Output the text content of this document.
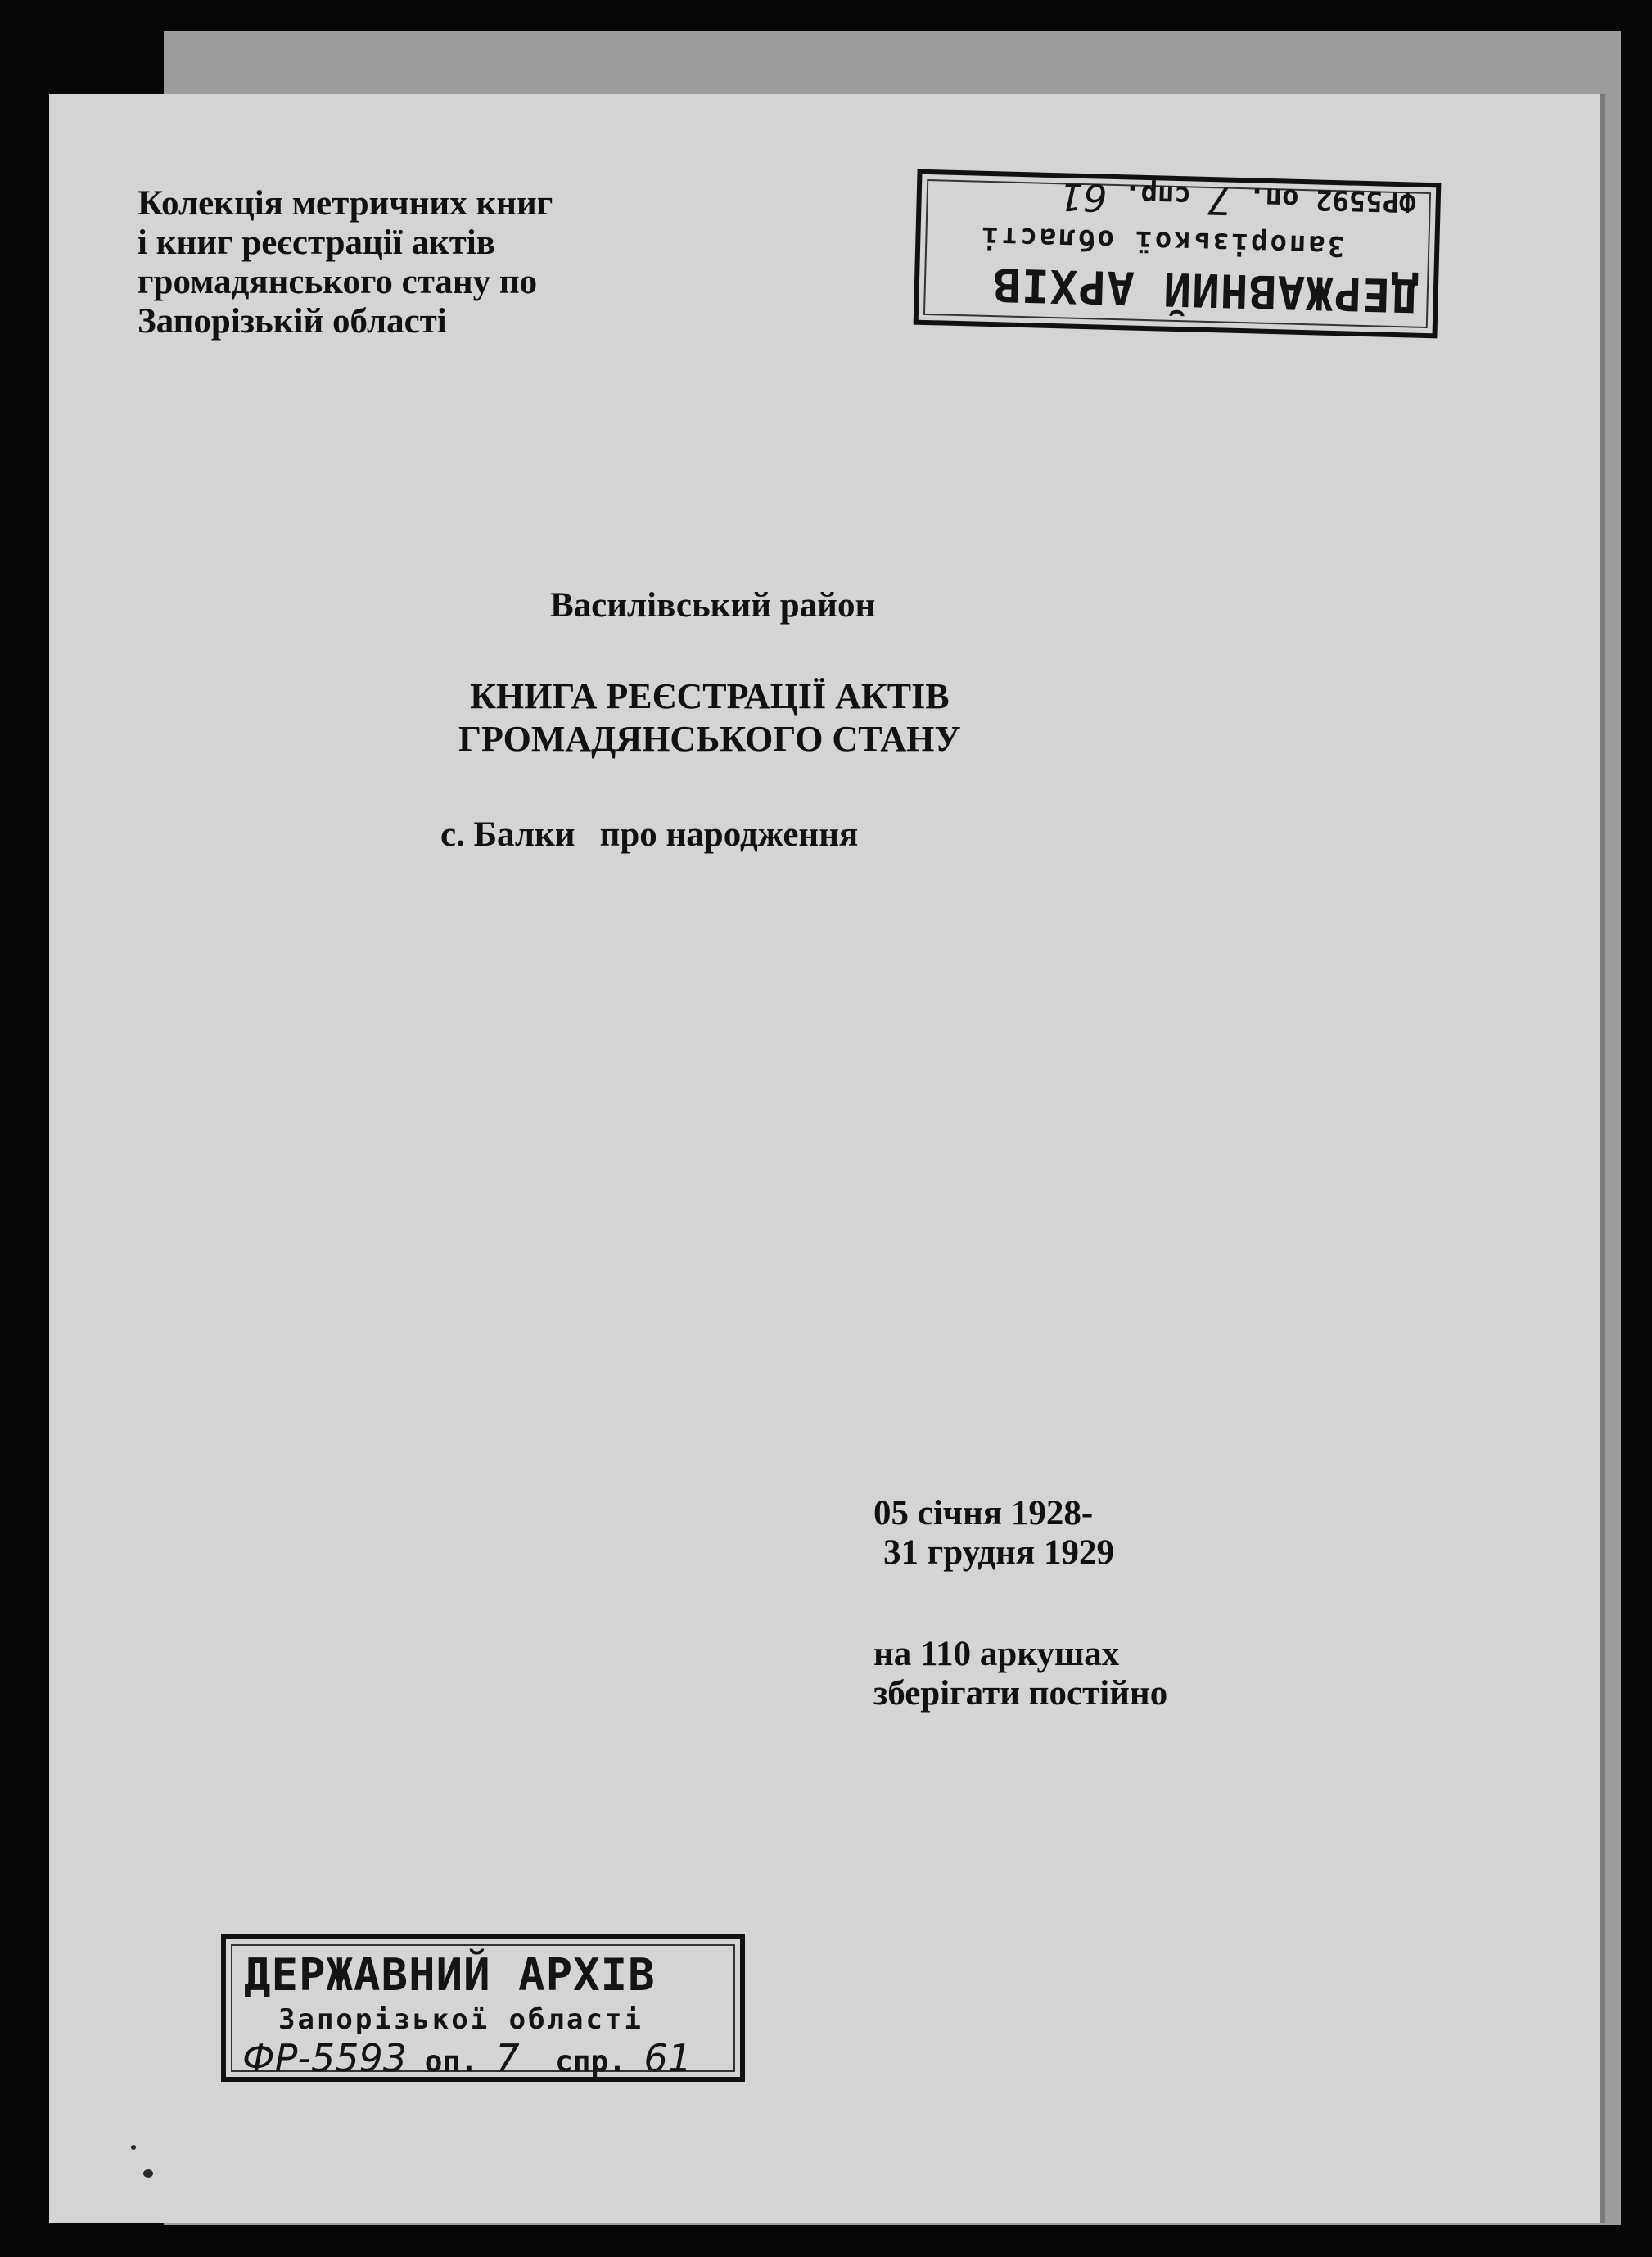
Колекція метричних книг
і книг реєстрації актів
громадянського стану по
Запорізькій області	ДЕРЖАВНИЙ АРХІВ
Запорізької області
ФР5592 оп. 7 спр. 61
Василівський район
КНИГА РЕЄСТРАЦІЇ АКТІВ
ГРОМАДЯНСЬКОГО СТАНУ
с. Балки про народження
05 січня 1928-
31 грудня 1929
на 110 аркушах
зберігати постійно
ДЕРЖАВНИЙ АРХІВ
Запорізької області
ФР-5593 оп. 7 спр. 61
